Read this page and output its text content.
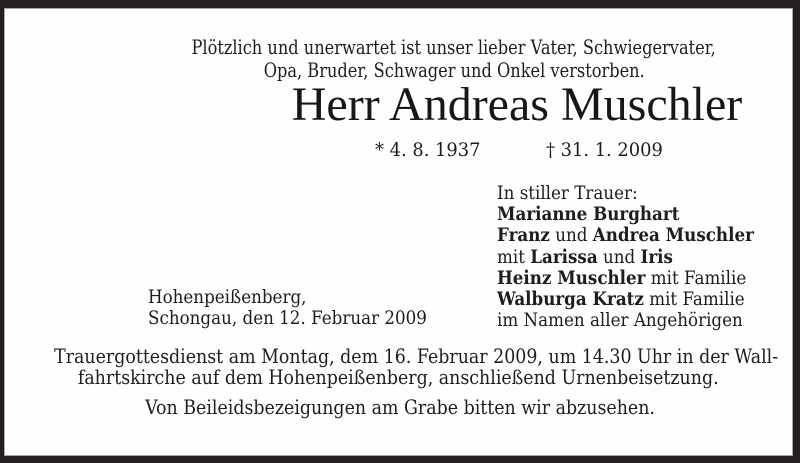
Plötzlich und unerwartet ist unser lieber Vater, Schwiegervater,
Opa, Bruder, Schwager und Onkel verstorben.
Herr Andreas Muschler
* 4. 8. 1937	† 31. 1. 2009
In stiller Trauer:
Marianne Burghart
Franz und Andrea Muschler
mit Larissa und Iris
Heinz Muschler mit Familie
Walburga Kratz mit Familie
im Namen aller Angehörigen
Hohenpeißenberg,
Schongau, den 12. Februar 2009
Trauergottesdienst am Montag, dem 16. Februar 2009, um 14.30 Uhr in der Wall-
fahrtskirche auf dem Hohenpeißenberg, anschließend Urnenbeisetzung.
Von Beileidsbezeigungen am Grabe bitten wir abzusehen.
